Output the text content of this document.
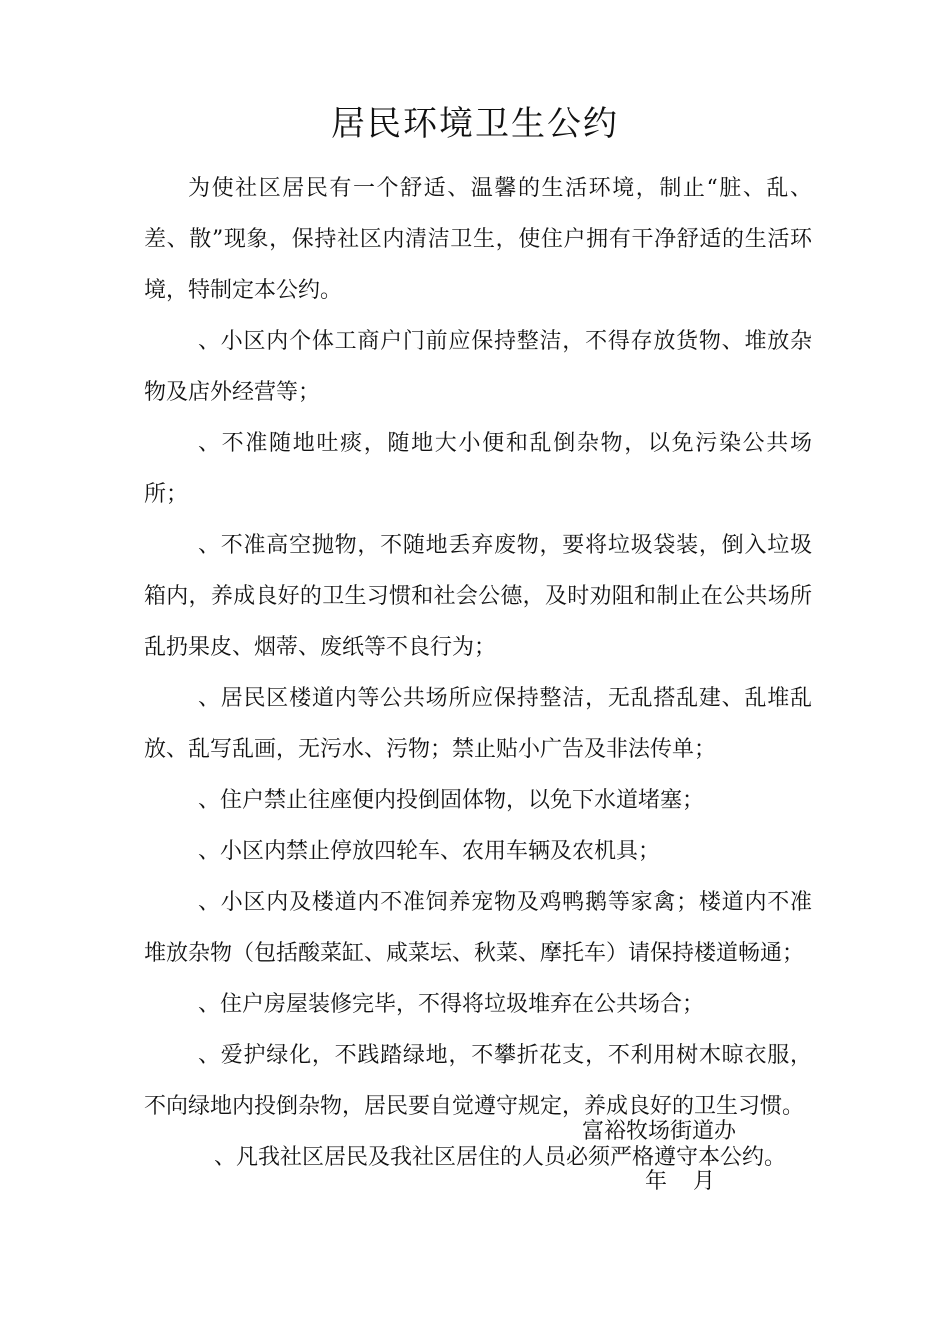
居民环境卫生公约

为使社区居民有一个舒适、温馨的生活环境，制止“脏、乱、差、散”现象，保持社区内清洁卫生，使住户拥有干净舒适的生活环境，特制定本公约。

、小区内个体工商户门前应保持整洁，不得存放货物、堆放杂物及店外经营等；

、不准随地吐痰，随地大小便和乱倒杂物，以免污染公共场所；

、不准高空抛物，不随地丢弃废物，要将垃圾袋装，倒入垃圾箱内，养成良好的卫生习惯和社会公德，及时劝阻和制止在公共场所乱扔果皮、烟蒂、废纸等不良行为；

、居民区楼道内等公共场所应保持整洁，无乱搭乱建、乱堆乱放、乱写乱画，无污水、污物；禁止贴小广告及非法传单；

、住户禁止往座便内投倒固体物，以免下水道堵塞；

、小区内禁止停放四轮车、农用车辆及农机具；

、小区内及楼道内不准饲养宠物及鸡鸭鹅等家禽；楼道内不准堆放杂物（包括酸菜缸、咸菜坛、秋菜、摩托车）请保持楼道畅通；

、住户房屋装修完毕，不得将垃圾堆弃在公共场合；

、爱护绿化，不践踏绿地，不攀折花支，不利用树木晾衣服，不向绿地内投倒杂物，居民要自觉遵守规定，养成良好的卫生习惯。

、凡我社区居民及我社区居住的人员必须严格遵守本公约。

富裕牧场街道办

年 月
